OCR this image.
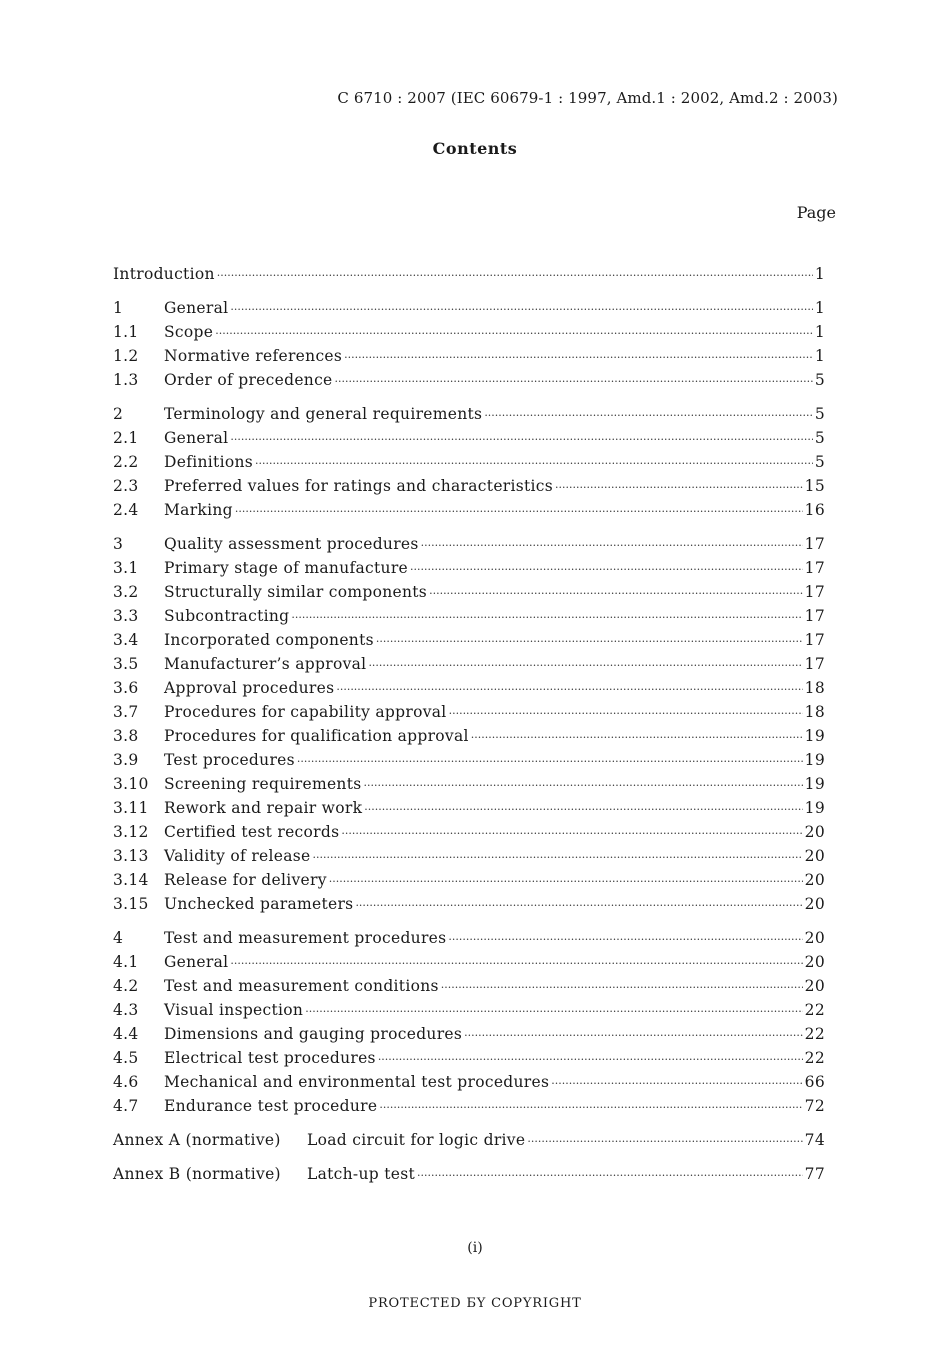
C 6710 : 2007 (IEC 60679-1 : 1997, Amd.1 : 2002, Amd.2 : 2003)
Contents
Page
Introduction ·····	1
1	General ·····	1
1.1	Scope ·····	1
1.2	Normative references ·····	1
1.3	Order of precedence ·····	5
2	Terminology and general requirements ·····	5
2.1	General ·····	5
2.2	Definitions ·····	5
2.3	Preferred values for ratings and characteristics ·····	15
2.4	Marking ·····	16
3	Quality assessment procedures ·····	17
3.1	Primary stage of manufacture ·····	17
3.2	Structurally similar components ·····	17
3.3	Subcontracting ·····	17
3.4	Incorporated components ·····	17
3.5	Manufacturer’s approval ·····	17
3.6	Approval procedures ·····	18
3.7	Procedures for capability approval ·····	18
3.8	Procedures for qualification approval ·····	19
3.9	Test procedures ·····	19
3.10 Screening requirements ·····	19
3.11 Rework and repair work ·····	19
3.12 Certified test records ·····	20
3.13 Validity of release ·····	20
3.14 Release for delivery ·····	20
3.15 Unchecked parameters ·····	20
4	Test and measurement procedures ·····	20
4.1	General ·····	20
4.2	Test and measurement conditions ·····	20
4.3	Visual inspection ·····	22
4.4	Dimensions and gauging procedures ·····	22
4.5	Electrical test procedures ·····	22
4.6	Mechanical and environmental test procedures ·····	66
4.7	Endurance test procedure ·····	72
Annex A (normative)	Load circuit for logic drive ·····	74
Annex B (normative)	Latch-up test ·····	77
(i)
PROTECTED БY COPYRIGHT
